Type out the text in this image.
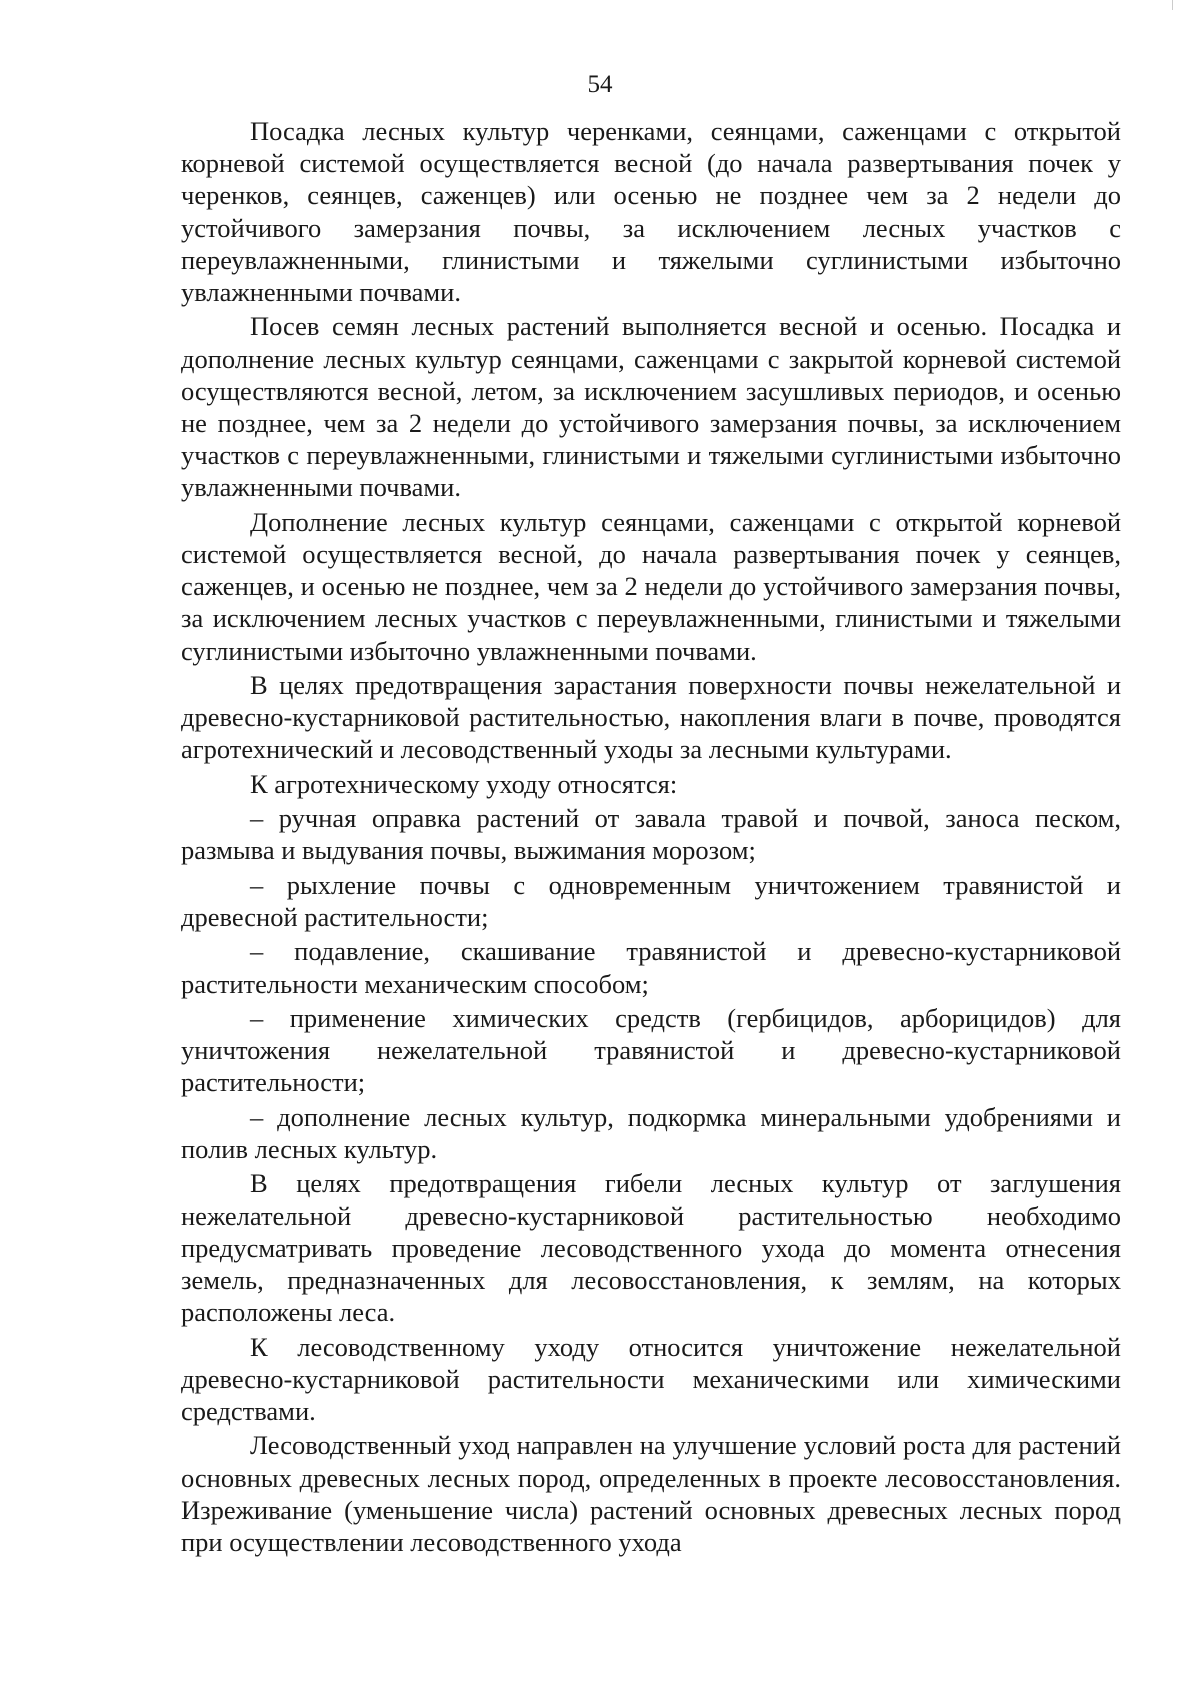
54

Посадка лесных культур черенками, сеянцами, саженцами с открытой корневой системой осуществляется весной (до начала развертывания почек у черенков, сеянцев, саженцев) или осенью не позднее чем за 2 недели до устойчивого замерзания почвы, за исключением лесных участков с переувлажненными, глинистыми и тяжелыми суглинистыми избыточно увлажненными почвами.

Посев семян лесных растений выполняется весной и осенью. Посадка и дополнение лесных культур сеянцами, саженцами с закрытой корневой системой осуществляются весной, летом, за исключением засушливых периодов, и осенью не позднее, чем за 2 недели до устойчивого замерзания почвы, за исключением участков с переувлажненными, глинистыми и тяжелыми суглинистыми избыточно увлажненными почвами.

Дополнение лесных культур сеянцами, саженцами с открытой корневой системой осуществляется весной, до начала развертывания почек у сеянцев, саженцев, и осенью не позднее, чем за 2 недели до устойчивого замерзания почвы, за исключением лесных участков с переувлажненными, глинистыми и тяжелыми суглинистыми избыточно увлажненными почвами.

В целях предотвращения зарастания поверхности почвы нежелательной и древесно-кустарниковой растительностью, накопления влаги в почве, проводятся агротехнический и лесоводственный уходы за лесными культурами.

К агротехническому уходу относятся:

– ручная оправка растений от завала травой и почвой, заноса песком, размыва и выдувания почвы, выжимания морозом;

– рыхление почвы с одновременным уничтожением травянистой и древесной растительности;

– подавление, скашивание травянистой и древесно-кустарниковой растительности механическим способом;

– применение химических средств (гербицидов, арборицидов) для уничтожения нежелательной травянистой и древесно-кустарниковой растительности;

– дополнение лесных культур, подкормка минеральными удобрениями и полив лесных культур.

В целях предотвращения гибели лесных культур от заглушения нежелательной древесно-кустарниковой растительностью необходимо предусматривать проведение лесоводственного ухода до момента отнесения земель, предназначенных для лесовосстановления, к землям, на которых расположены леса.

К лесоводственному уходу относится уничтожение нежелательной древесно-кустарниковой растительности механическими или химическими средствами.

Лесоводственный уход направлен на улучшение условий роста для растений основных древесных лесных пород, определенных в проекте лесовосстановления. Изреживание (уменьшение числа) растений основных древесных лесных пород при осуществлении лесоводственного ухода
